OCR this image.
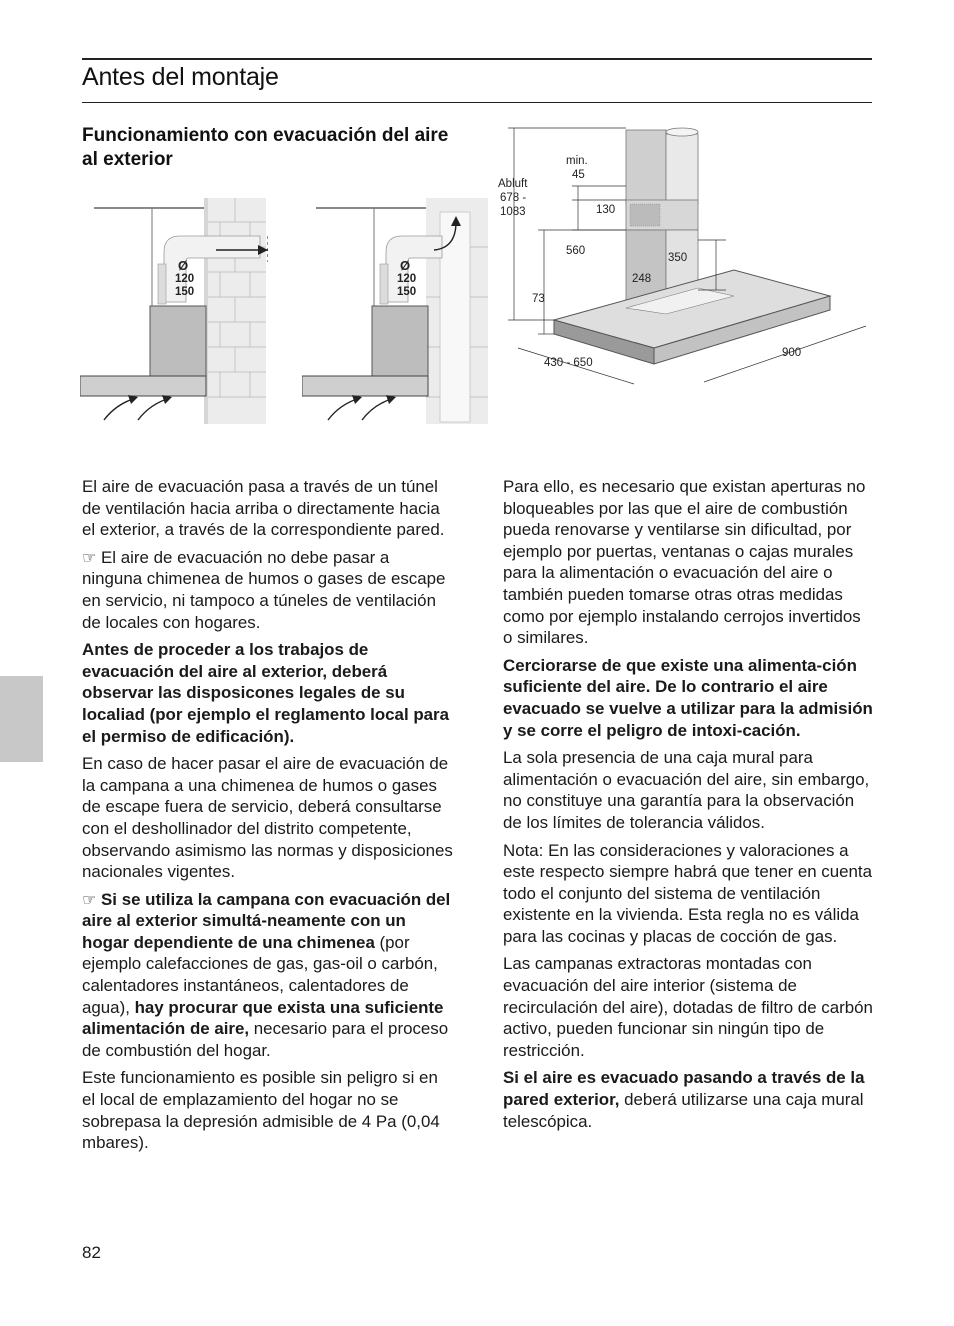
Antes del montaje
Funcionamiento con evacuación del aire al exterior
Ø
120
150
Ø
120
150
min.
45
Abluft
678 -
1083	130
560
350
248
73
430 - 650
900

El aire de evacuación pasa a través de un túnel de ventilación hacia arriba o directamente hacia el exterior, a través de la correspondiente pared.

☞ El aire de evacuación no debe pasar a ninguna chimenea de humos o gases de escape en servicio, ni tampoco a túneles de ventilación de locales con hogares.

Antes de proceder a los trabajos de evacuación del aire al exterior, deberá observar las disposicones legales de su localiad (por ejemplo el reglamento local para el permiso de edificación).

En caso de hacer pasar el aire de evacuación de la campana a una chimenea de humos o gases de escape fuera de servicio, deberá consultarse con el deshollinador del distrito competente, observando asimismo las normas y disposiciones nacionales vigentes.

☞ Si se utiliza la campana con evacuación del aire al exterior simultá-neamente con un hogar dependiente de una chimenea (por ejemplo calefacciones de gas, gas-oil o carbón, calentadores instantáneos, calentadores de agua), hay procurar que exista una suficiente alimentación de aire, necesario para el proceso de combustión del hogar.

Este funcionamiento es posible sin peligro si en el local de emplazamiento del hogar no se sobrepasa la depresión admisible de 4 Pa (0,04 mbares).

Para ello, es necesario que existan aperturas no bloqueables por las que el aire de combustión pueda renovarse y ventilarse sin dificultad, por ejemplo por puertas, ventanas o cajas murales para la alimentación o evacuación del aire o también pueden tomarse otras otras medidas como por ejemplo instalando cerrojos invertidos o similares.

Cerciorarse de que existe una alimenta-ción suficiente del aire. De lo contrario el aire evacuado se vuelve a utilizar para la admisión y se corre el peligro de intoxi-cación.

La sola presencia de una caja mural para alimentación o evacuación del aire, sin embargo, no constituye una garantía para la observación de los límites de tolerancia válidos.

Nota: En las consideraciones y valoraciones a este respecto siempre habrá que tener en cuenta todo el conjunto del sistema de ventilación existente en la vivienda. Esta regla no es válida para las cocinas y placas de cocción de gas.

Las campanas extractoras montadas con evacuación del aire interior (sistema de recirculación del aire), dotadas de filtro de carbón activo, pueden funcionar sin ningún tipo de restricción.

Si el aire es evacuado pasando a través de la pared exterior, deberá utilizarse una caja mural telescópica.

82
